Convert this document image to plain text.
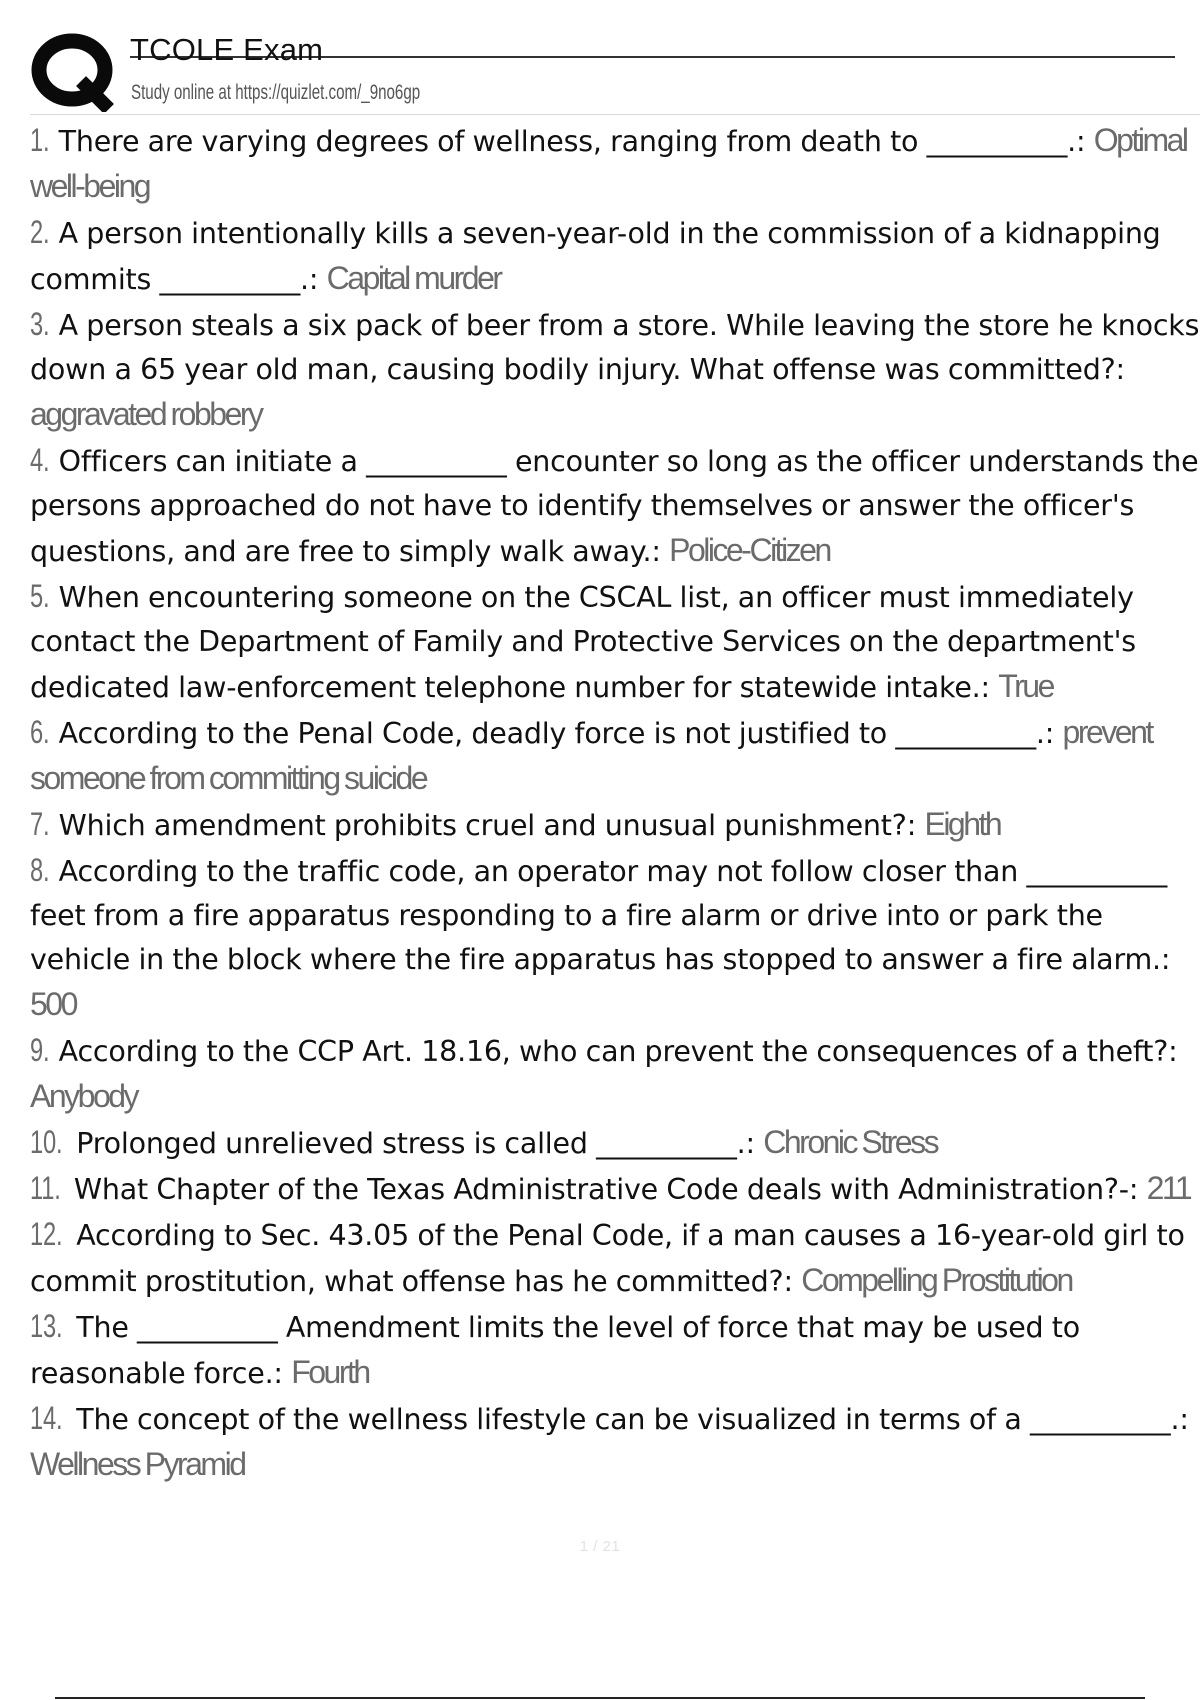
TCOLE Exam
Study online at https://quizlet.com/_9no6gp
1. There are varying degrees of wellness, ranging from death to __________.: Optimal well-being
2. A person intentionally kills a seven-year-old in the commission of a kidnapping commits __________.: Capital murder
3. A person steals a six pack of beer from a store. While leaving the store he knocks down a 65 year old man, causing bodily injury. What offense was committed?: aggravated robbery
4. Officers can initiate a __________ encounter so long as the officer understands the persons approached do not have to identify themselves or answer the officer's questions, and are free to simply walk away.: Police-Citizen
5. When encountering someone on the CSCAL list, an officer must immediately contact the Department of Family and Protective Services on the department's dedicated law-enforcement telephone number for statewide intake.: True
6. According to the Penal Code, deadly force is not justified to __________.: prevent someone from committing suicide
7. Which amendment prohibits cruel and unusual punishment?: Eighth
8. According to the traffic code, an operator may not follow closer than __________ feet from a fire apparatus responding to a fire alarm or drive into or park the vehicle in the block where the fire apparatus has stopped to answer a fire alarm.: 500
9. According to the CCP Art. 18.16, who can prevent the consequences of a theft?: Anybody
10. Prolonged unrelieved stress is called __________.: Chronic Stress
11. What Chapter of the Texas Administrative Code deals with Administration?-: 211
12. According to Sec. 43.05 of the Penal Code, if a man causes a 16-year-old girl to commit prostitution, what offense has he committed?: Compelling Prostitution
13. The __________ Amendment limits the level of force that may be used to reasonable force.: Fourth
14. The concept of the wellness lifestyle can be visualized in terms of a __________.: Wellness Pyramid
1 / 21
